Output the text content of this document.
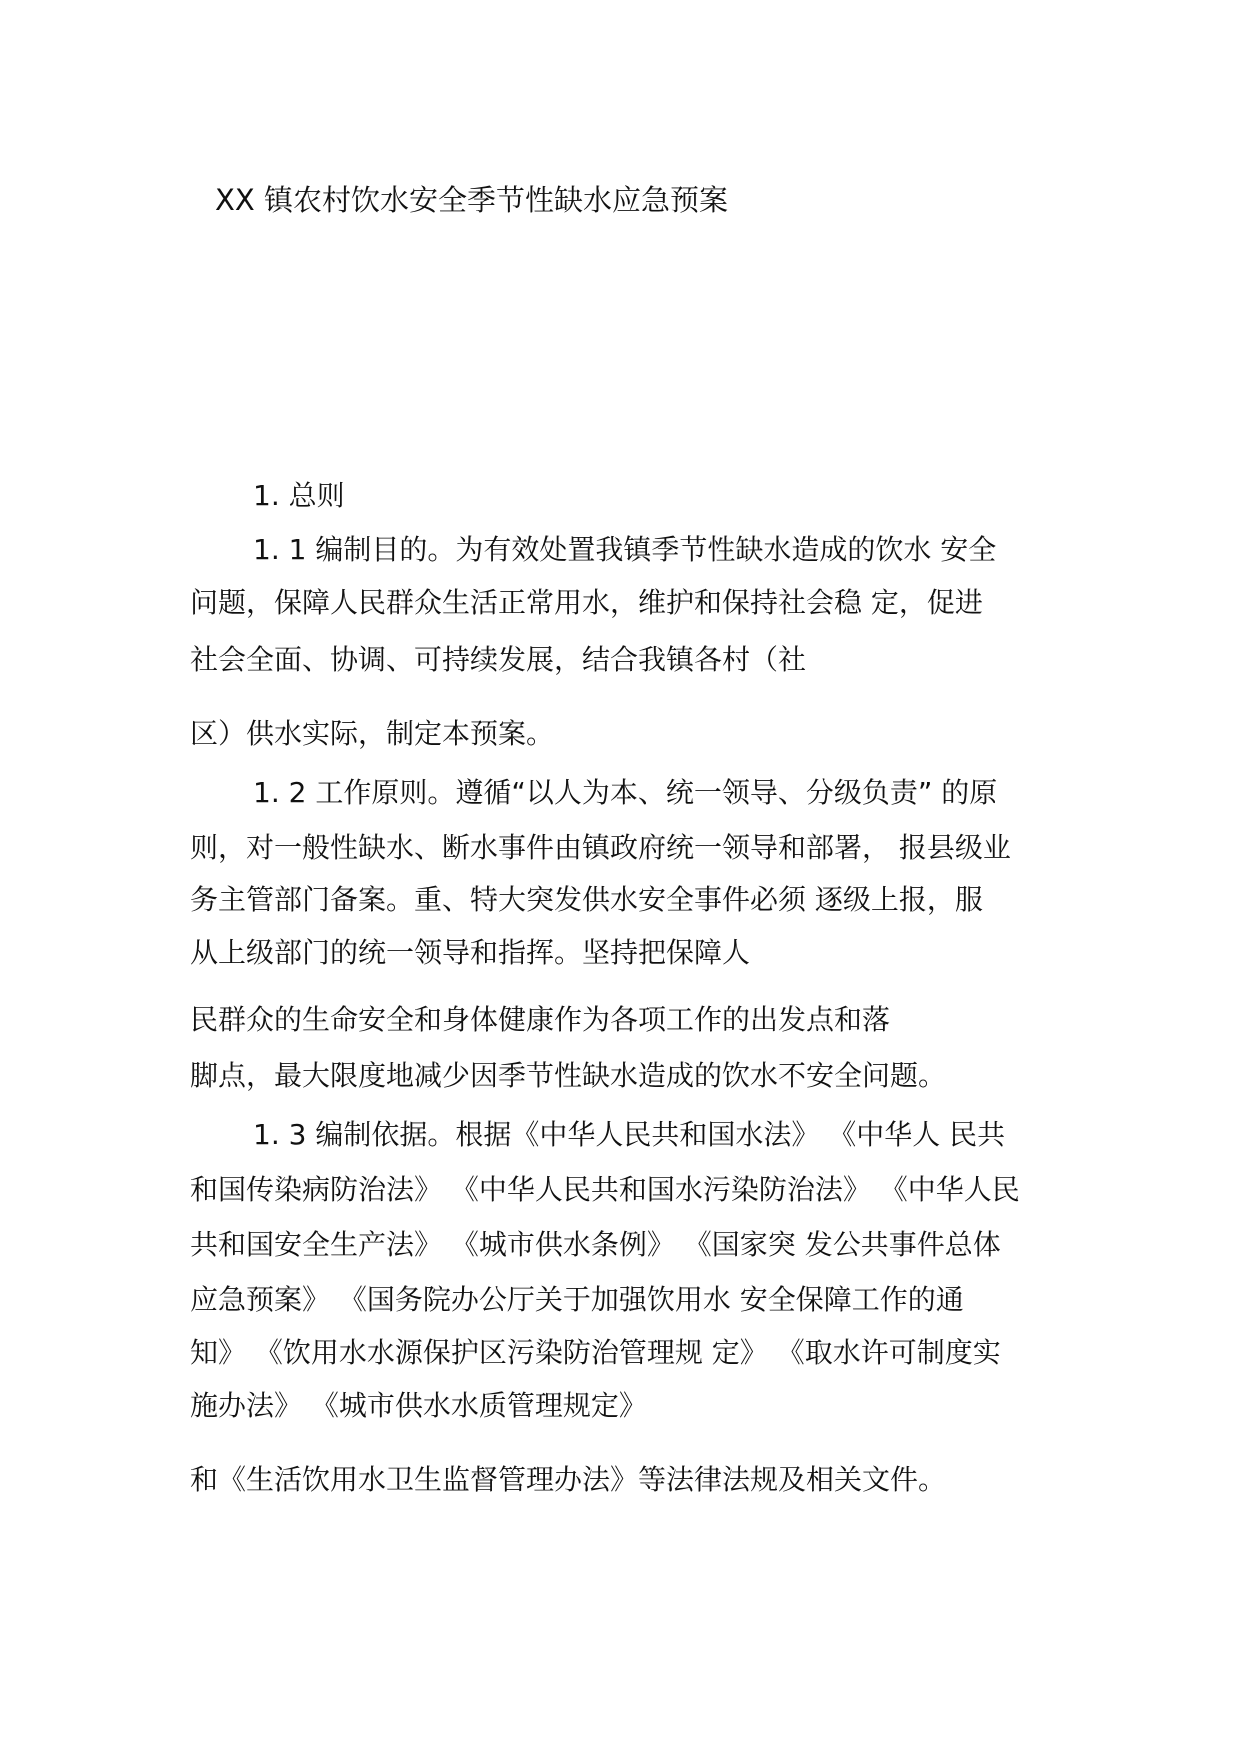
XX 镇农村饮水安全季节性缺水应急预案
1. 总则
1. 1 编制目的。为有效处置我镇季节性缺水造成的饮水 安全
问题，保障人民群众生活正常用水，维护和保持社会稳 定，促进
社会全面、协调、可持续发展，结合我镇各村（社
区）供水实际，制定本预案。
1. 2 工作原则。遵循“以人为本、统一领导、分级负责” 的原
则，对一般性缺水、断水事件由镇政府统一领导和部署， 报县级业
务主管部门备案。重、特大突发供水安全事件必须 逐级上报，服
从上级部门的统一领导和指挥。坚持把保障人
民群众的生命安全和身体健康作为各项工作的出发点和落
脚点，最大限度地减少因季节性缺水造成的饮水不安全问题。
1. 3 编制依据。根据《中华人民共和国水法》 《中华人 民共
和国传染病防治法》 《中华人民共和国水污染防治法》 《中华人民
共和国安全生产法》 《城市供水条例》 《国家突 发公共事件总体
应急预案》 《国务院办公厅关于加强饮用水 安全保障工作的通
知》 《饮用水水源保护区污染防治管理规 定》 《取水许可制度实
施办法》 《城市供水水质管理规定》
和《生活饮用水卫生监督管理办法》等法律法规及相关文件。
